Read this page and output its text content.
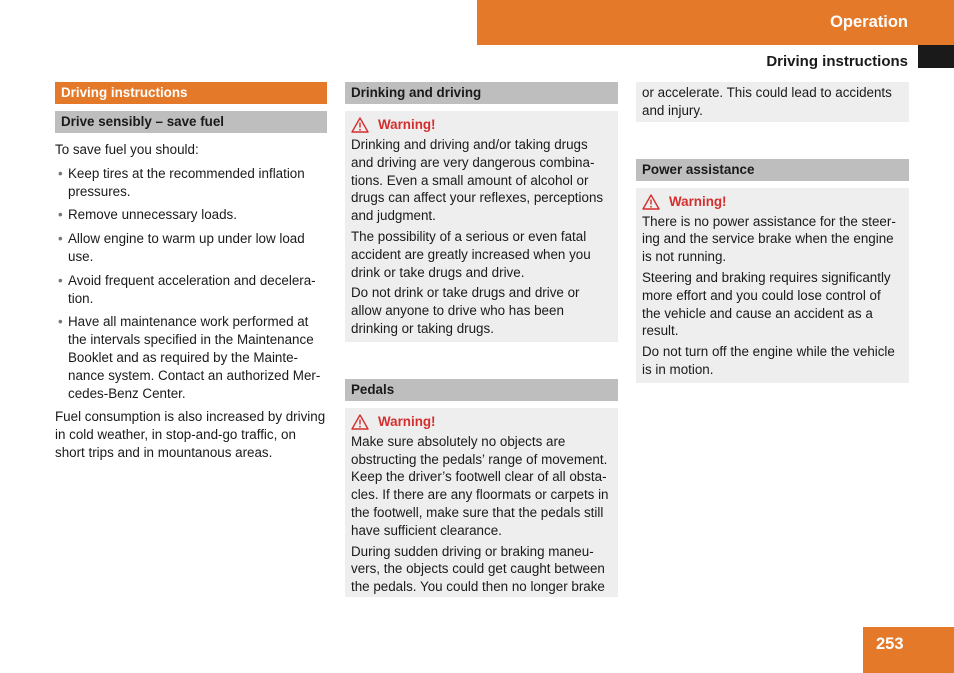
Operation
Driving instructions
Driving instructions
Drive sensibly – save fuel

To save fuel you should:

• Keep tires at the recommended inflation pressures.
• Remove unnecessary loads.
• Allow engine to warm up under low load use.
• Avoid frequent acceleration and decelera-tion.
• Have all maintenance work performed at the intervals specified in the Maintenance Booklet and as required by the Mainte-nance system. Contact an authorized Mer-cedes-Benz Center.

Fuel consumption is also increased by driving in cold weather, in stop-and-go traffic, on short trips and in mountanous areas.

Drinking and driving
Warning!

Drinking and driving and/or taking drugs and driving are very dangerous combina-tions. Even a small amount of alcohol or drugs can affect your reflexes, perceptions and judgment.

The possibility of a serious or even fatal accident are greatly increased when you drink or take drugs and drive.

Do not drink or take drugs and drive or allow anyone to drive who has been drinking or taking drugs.

Pedals
Warning!

Make sure absolutely no objects are obstructing the pedals’ range of movement. Keep the driver’s footwell clear of all obsta-cles. If there are any floormats or carpets in the footwell, make sure that the pedals still have sufficient clearance.

During sudden driving or braking maneu-vers, the objects could get caught between the pedals. You could then no longer brake

or accelerate. This could lead to accidents and injury.

Power assistance
Warning!

There is no power assistance for the steer-ing and the service brake when the engine is not running.

Steering and braking requires significantly more effort and you could lose control of the vehicle and cause an accident as a result.

Do not turn off the engine while the vehicle is in motion.

253
